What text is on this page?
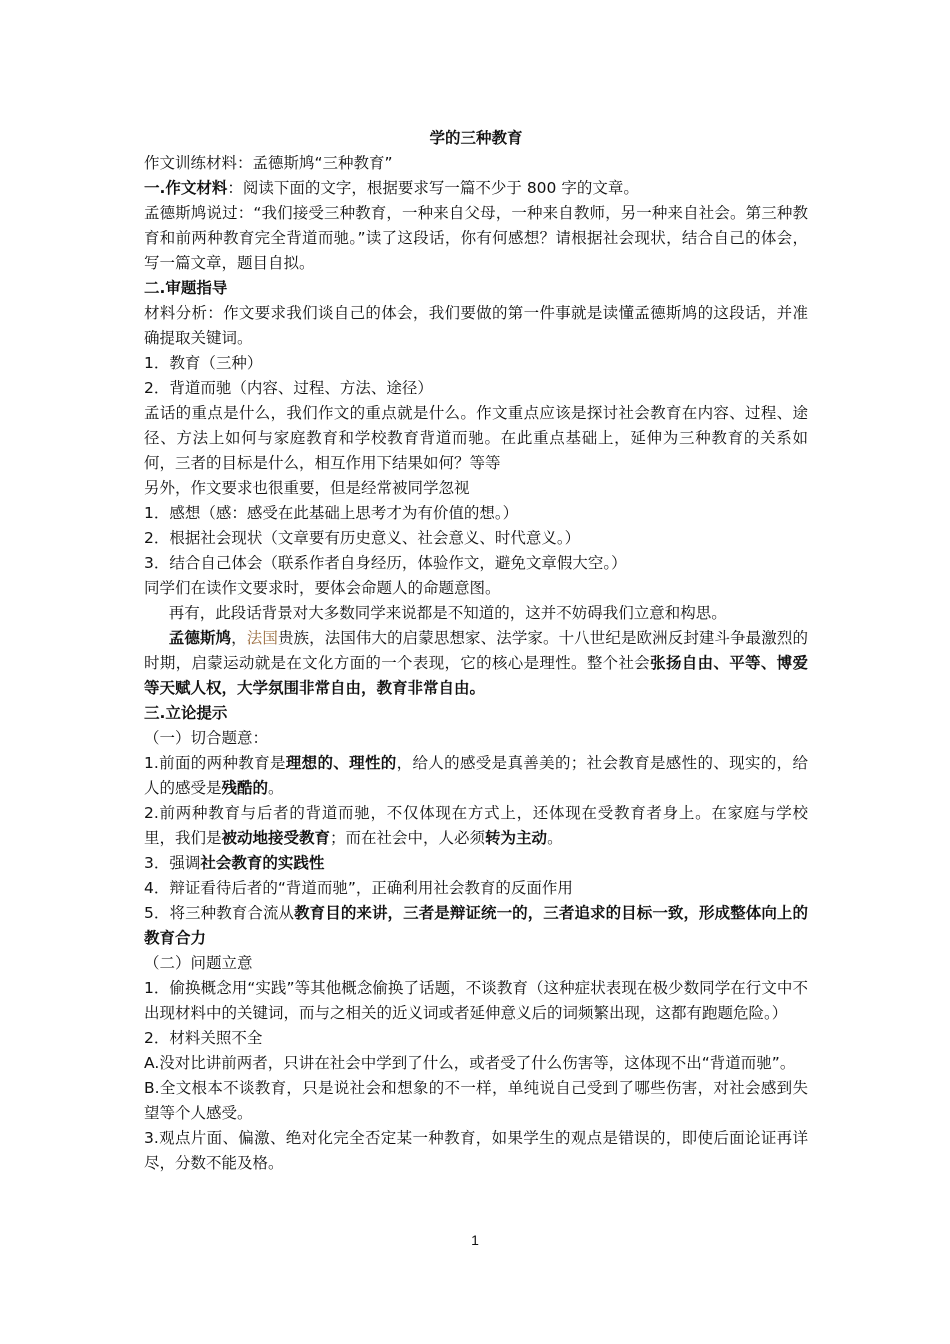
学的三种教育

作文训练材料：孟德斯鸠“三种教育”

一.作文材料：阅读下面的文字，根据要求写一篇不少于 800 字的文章。

孟德斯鸠说过：“我们接受三种教育，一种来自父母，一种来自教师，另一种来自社会。第三种教育和前两种教育完全背道而驰。”读了这段话，你有何感想？请根据社会现状，结合自己的体会，写一篇文章，题目自拟。

二.审题指导

材料分析：作文要求我们谈自己的体会，我们要做的第一件事就是读懂孟德斯鸠的这段话，并准确提取关键词。

1．教育（三种）

2．背道而驰（内容、过程、方法、途径）

孟话的重点是什么，我们作文的重点就是什么。作文重点应该是探讨社会教育在内容、过程、途径、方法上如何与家庭教育和学校教育背道而驰。在此重点基础上，延伸为三种教育的关系如何，三者的目标是什么，相互作用下结果如何？等等

另外，作文要求也很重要，但是经常被同学忽视

1．感想（感：感受在此基础上思考才为有价值的想。）

2．根据社会现状（文章要有历史意义、社会意义、时代意义。）

3．结合自己体会（联系作者自身经历，体验作文，避免文章假大空。）

同学们在读作文要求时，要体会命题人的命题意图。

再有，此段话背景对大多数同学来说都是不知道的，这并不妨碍我们立意和构思。

孟德斯鸠，法国贵族，法国伟大的启蒙思想家、法学家。十八世纪是欧洲反封建斗争最激烈的时期，启蒙运动就是在文化方面的一个表现，它的核心是理性。整个社会张扬自由、平等、博爱等天赋人权，大学氛围非常自由，教育非常自由。

三.立论提示

（一）切合题意：

1.前面的两种教育是理想的、理性的，给人的感受是真善美的；社会教育是感性的、现实的，给人的感受是残酷的。

2.前两种教育与后者的背道而驰，不仅体现在方式上，还体现在受教育者身上。在家庭与学校里，我们是被动地接受教育；而在社会中，人必须转为主动。

3．强调社会教育的实践性

4．辩证看待后者的“背道而驰”，正确利用社会教育的反面作用

5．将三种教育合流从教育目的来讲，三者是辩证统一的，三者追求的目标一致，形成整体向上的教育合力

（二）问题立意

1．偷换概念用“实践”等其他概念偷换了话题，不谈教育（这种症状表现在极少数同学在行文中不出现材料中的关键词，而与之相关的近义词或者延伸意义后的词频繁出现，这都有跑题危险。）

2．材料关照不全

A.没对比讲前两者，只讲在社会中学到了什么，或者受了什么伤害等，这体现不出“背道而驰”。

B.全文根本不谈教育，只是说社会和想象的不一样，单纯说自己受到了哪些伤害，对社会感到失望等个人感受。

3.观点片面、偏激、绝对化完全否定某一种教育，如果学生的观点是错误的，即使后面论证再详尽，分数不能及格。

1
